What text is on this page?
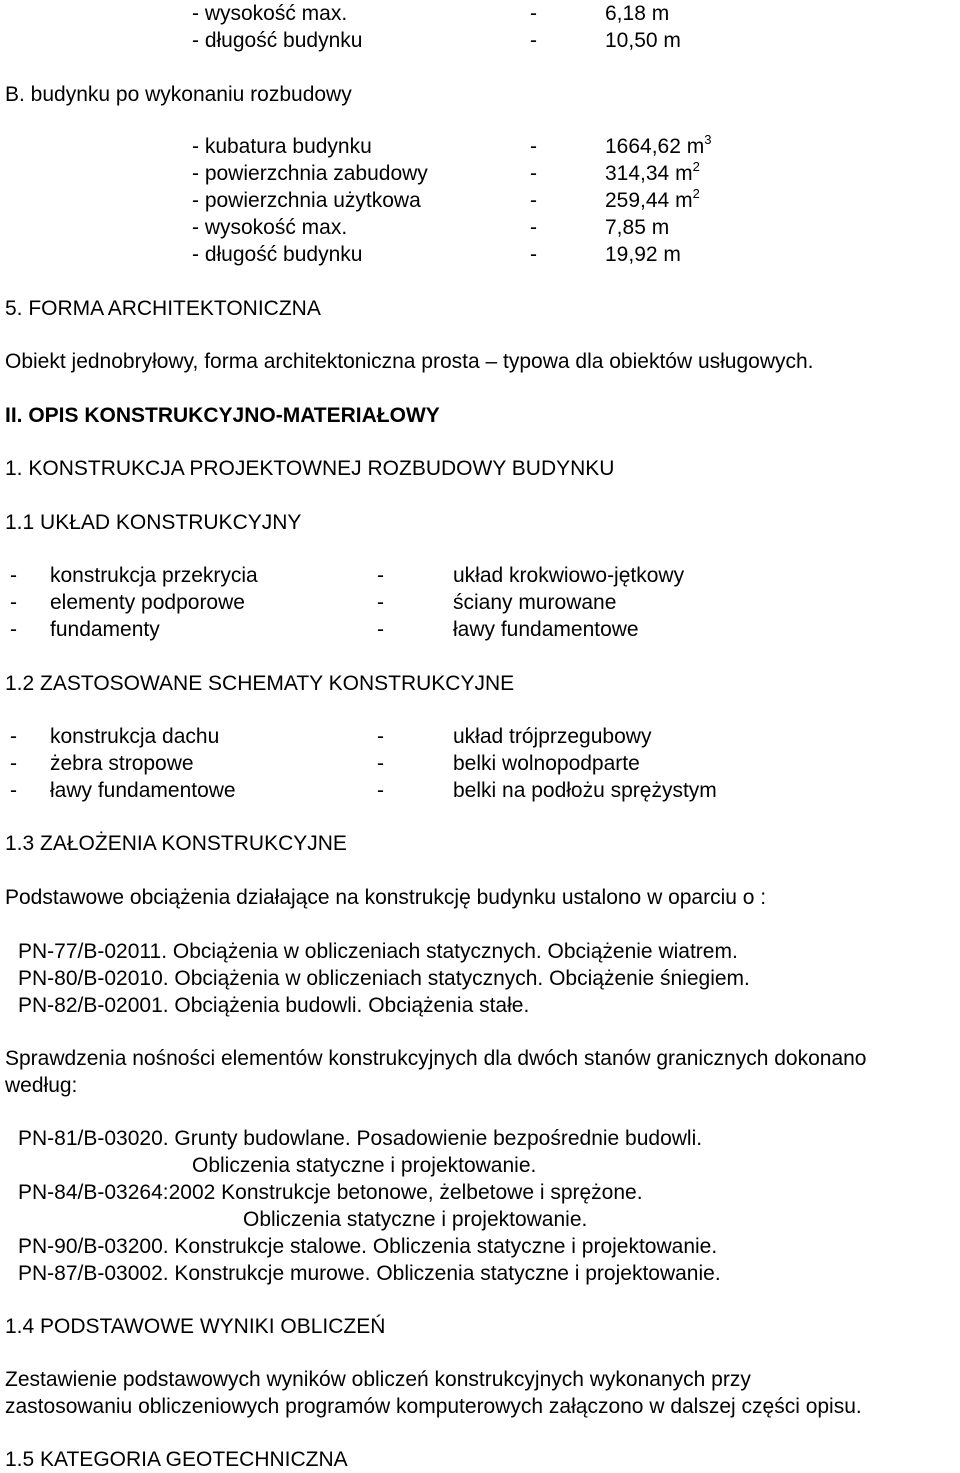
- wysokość max.	-	6,18 m
- długość budynku	-	10,50 m
B. budynku po wykonaniu rozbudowy
- kubatura budynku	-	1664,62 $m^3$
- powierzchnia zabudowy	-	314,34 $m^2$
- powierzchnia użytkowa	-	259,44 $m^2$
- wysokość max.	-	7,85 m
- długość budynku	-	19,92 m
5. FORMA ARCHITEKTONICZNA
Obiekt jednobryłowy, forma architektoniczna prosta – typowa dla obiektów usługowych.
II. OPIS KONSTRUKCYJNO-MATERIAŁOWY
1. KONSTRUKCJA PROJEKTOWNEJ ROZBUDOWY BUDYNKU
1.1 UKŁAD KONSTRUKCYJNY
- konstrukcja przekrycia	-	układ krokwiowo-jętkowy
- elementy podporowe	-	ściany murowane
- fundamenty	-	ławy fundamentowe
1.2 ZASTOSOWANE SCHEMATY KONSTRUKCYJNE
- konstrukcja dachu	-	układ trójprzegubowy
- żebra stropowe	-	belki wolnopodparte
- ławy fundamentowe	-	belki na podłożu sprężystym
1.3 ZAŁOŻENIA KONSTRUKCYJNE
Podstawowe obciążenia działające na konstrukcję budynku ustalono w oparciu o :
PN-77/B-02011. Obciążenia w obliczeniach statycznych. Obciążenie wiatrem.
PN-80/B-02010. Obciążenia w obliczeniach statycznych. Obciążenie śniegiem.
PN-82/B-02001. Obciążenia budowli. Obciążenia stałe.
Sprawdzenia nośności elementów konstrukcyjnych dla dwóch stanów granicznych dokonano
według:
PN-81/B-03020. Grunty budowlane. Posadowienie bezpośrednie budowli.
Obliczenia statyczne i projektowanie.
PN-84/B-03264:2002 Konstrukcje betonowe, żelbetowe i sprężone.
Obliczenia statyczne i projektowanie.
PN-90/B-03200. Konstrukcje stalowe. Obliczenia statyczne i projektowanie.
PN-87/B-03002. Konstrukcje murowe. Obliczenia statyczne i projektowanie.
1.4 PODSTAWOWE WYNIKI OBLICZEŃ
Zestawienie podstawowych wyników obliczeń konstrukcyjnych wykonanych przy
zastosowaniu obliczeniowych programów komputerowych załączono w dalszej części opisu.
1.5 KATEGORIA GEOTECHNICZNA
